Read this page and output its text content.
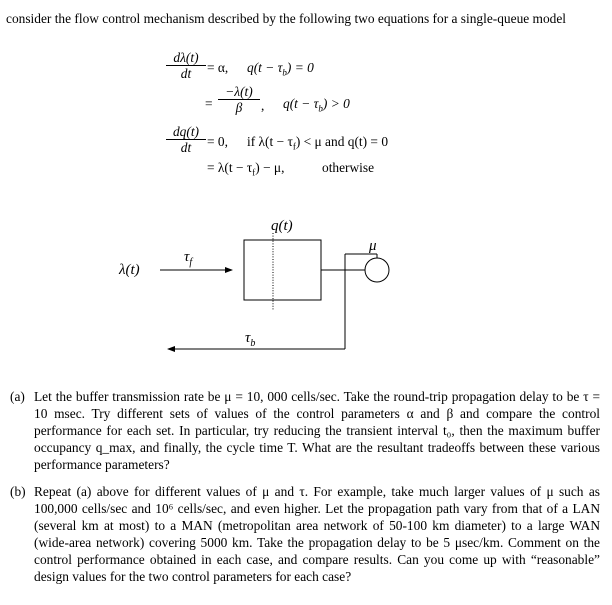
consider the flow control mechanism described by the following two equations for a single-queue model
$\frac{d\lambda(t)}{dt} = \alpha$, $q(t - \tau_b) = 0$
= $\frac{-\lambda(t)}{\beta}$ , $q(t - \tau_b) > 0$
$\frac{dq(t)}{dt} = 0$, if $\lambda(t - \tau_f) < \mu$ and q(t) = 0
= $\lambda(t - \tau_f) - \mu$,	otherwise
q(t)
μ
λ(t)
$\tau_f$
$\tau_b$
(a) Let the buffer transmission rate be μ = 10, 000 cells/sec. Take the round-trip propagation delay to be τ = 10 msec. Try different sets of values of the control parameters α and β and compare the control performance for each set. In particular, try reducing the transient interval t₀, then the maximum buffer occupancy q_max, and finally, the cycle time T. What are the resultant tradeoffs between these various performance parameters?
(b) Repeat (a) above for different values of μ and τ. For example, take much larger values of μ such as 100,000 cells/sec and 10⁶ cells/sec, and even higher. Let the propagation path vary from that of a LAN (several km at most) to a MAN (metropolitan area network of 50-100 km diameter) to a large WAN (wide-area network) covering 5000 km. Take the propagation delay to be 5 μsec/km. Comment on the control performance obtained in each case, and compare results. Can you come up with “reasonable” design values for the two control parameters for each case?
